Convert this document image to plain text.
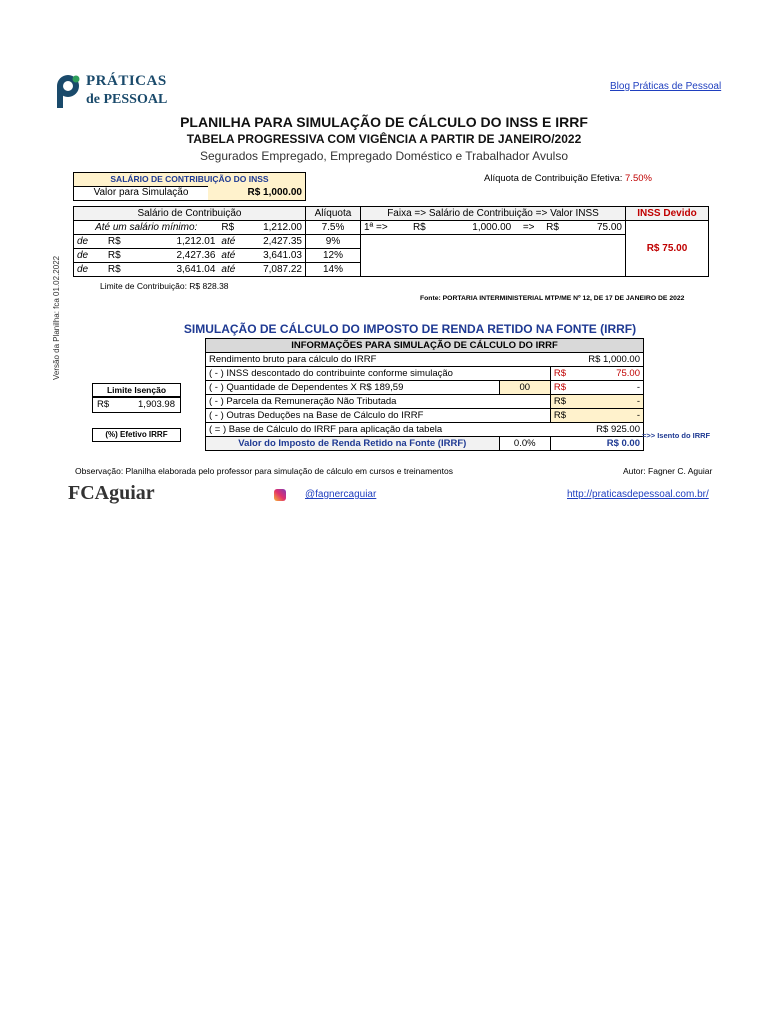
PRÁTICAS
de PESSOAL
Blog Práticas de Pessoal
PLANILHA PARA SIMULAÇÃO DE CÁLCULO DO INSS E IRRF
TABELA PROGRESSIVA COM VIGÊNCIA A PARTIR DE JANEIRO/2022
Segurados Empregado, Empregado Doméstico e Trabalhador Avulso
Versão da Planilha: fca 01.02.2022
SALÁRIO DE CONTRIBUIÇÃO DO INSS
Valor para Simulação	R$ 1,000.00
Alíquota de Contribuição Efetiva: 7.50%
Salário de Contribuição					Alíquota	Faixa => Salário de Contribuição => Valor INSS						INSS Devido
Até um salário mínimo:			R$	1,212.00	7.5%	1ª =>	R$	1,000.00	=>	R$	75.00	R$ 75.00
de	R$	1,212.01	até	2,427.35	9%							
de	R$	2,427.36	até	3,641.03	12%							
de	R$	3,641.04	até	7,087.22	14%							
Limite de Contribuição: R$ 828.38
Fonte: PORTARIA INTERMINISTERIAL MTP/ME Nº 12, DE 17 DE JANEIRO DE 2022
SIMULAÇÃO DE CÁLCULO DO IMPOSTO DE RENDA RETIDO NA FONTE (IRRF)
Limite Isenção
R$	1,903.98
(%) Efetivo IRRF
INFORMAÇÕES PARA SIMULAÇÃO DE CÁLCULO DO IRRF			
Rendimento bruto para cálculo do IRRF		R$ 1,000.00	
( - ) INSS descontado do contribuinte conforme simulação		R$	75.00
( - ) Quantidade de Dependentes X R$ 189,59	00	R$	-
( - ) Parcela da Remuneração Não Tributada		R$	-
( - ) Outras Deduções na Base de Cálculo do IRRF		R$	-
( = ) Base de Cálculo do IRRF para aplicação da tabela		R$ 925.00	
Valor do Imposto de Renda Retido na Fonte (IRRF)	0.0%	R$ 0.00	
=>> Isento do IRRF
Observação: Planilha elaborada pelo professor para simulação de cálculo em cursos e treinamentos	Autor: Fagner C. Aguiar
FCAguiar	@fagnercaguiar	http://praticasdepessoal.com.br/
